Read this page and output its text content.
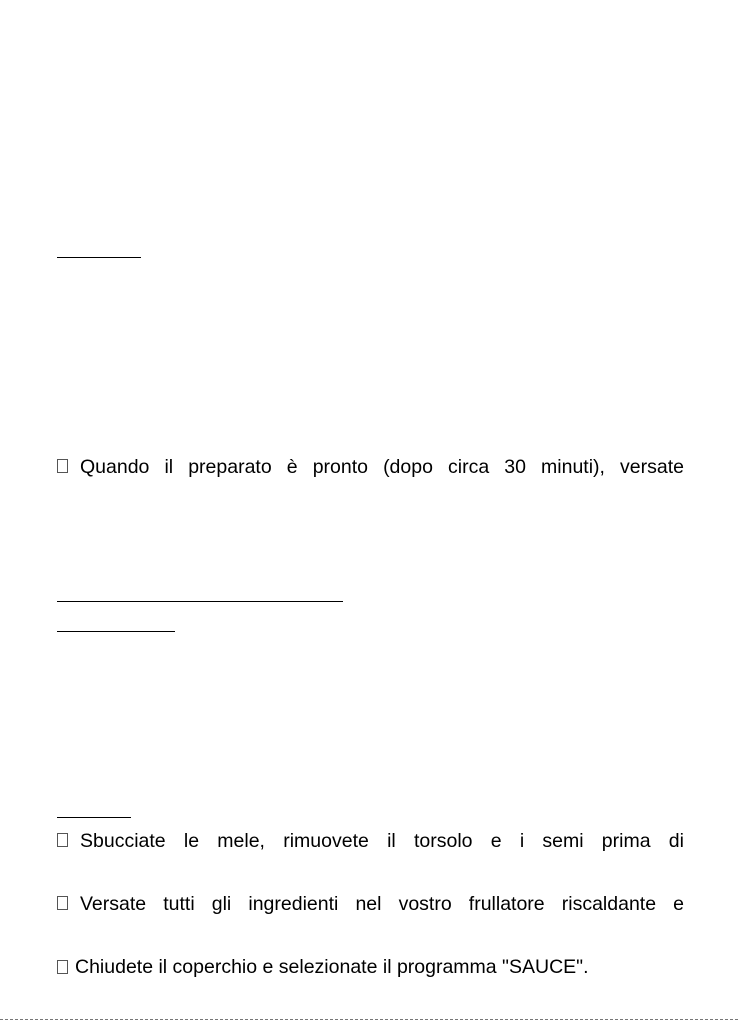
Quando il preparato è pronto (dopo circa 30 minuti), versate
Sbucciate le mele, rimuovete il torsolo e i semi prima di
Versate tutti gli ingredienti nel vostro frullatore riscaldante e
Chiudete il coperchio e selezionate il programma "SAUCE".
